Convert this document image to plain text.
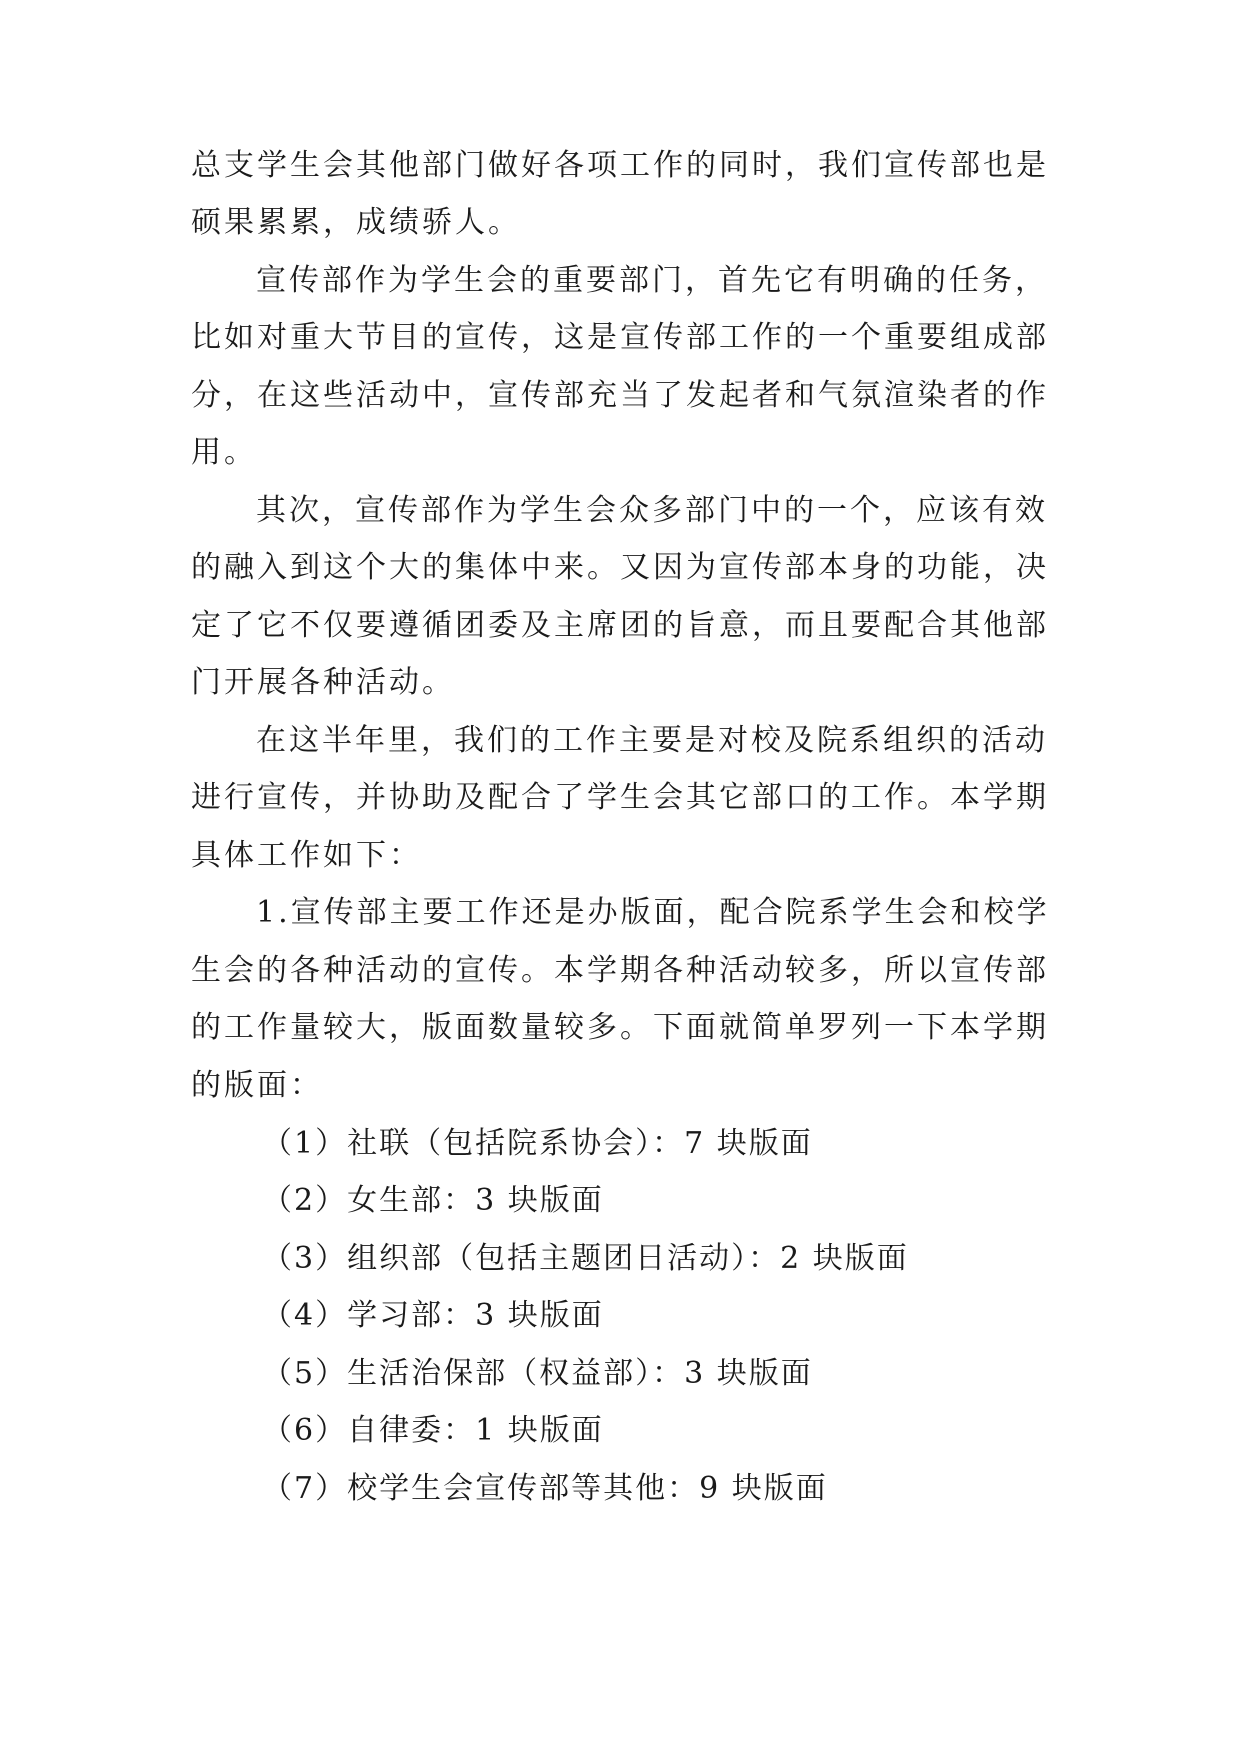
总支学生会其他部门做好各项工作的同时，我们宣传部也是
硕果累累，成绩骄人。
宣传部作为学生会的重要部门，首先它有明确的任务，
比如对重大节目的宣传，这是宣传部工作的一个重要组成部
分，在这些活动中，宣传部充当了发起者和气氛渲染者的作
用。
其次，宣传部作为学生会众多部门中的一个，应该有效
的融入到这个大的集体中来。又因为宣传部本身的功能，决
定了它不仅要遵循团委及主席团的旨意，而且要配合其他部
门开展各种活动。
在这半年里，我们的工作主要是对校及院系组织的活动
进行宣传，并协助及配合了学生会其它部口的工作。本学期
具体工作如下：
1.宣传部主要工作还是办版面，配合院系学生会和校学
生会的各种活动的宣传。本学期各种活动较多，所以宣传部
的工作量较大，版面数量较多。下面就简单罗列一下本学期
的版面：
（1）社联（包括院系协会）：7 块版面
（2）女生部：3 块版面
（3）组织部（包括主题团日活动）：2 块版面
（4）学习部：3 块版面
（5）生活治保部（权益部）：3 块版面
（6）自律委：1 块版面
（7）校学生会宣传部等其他：9 块版面
